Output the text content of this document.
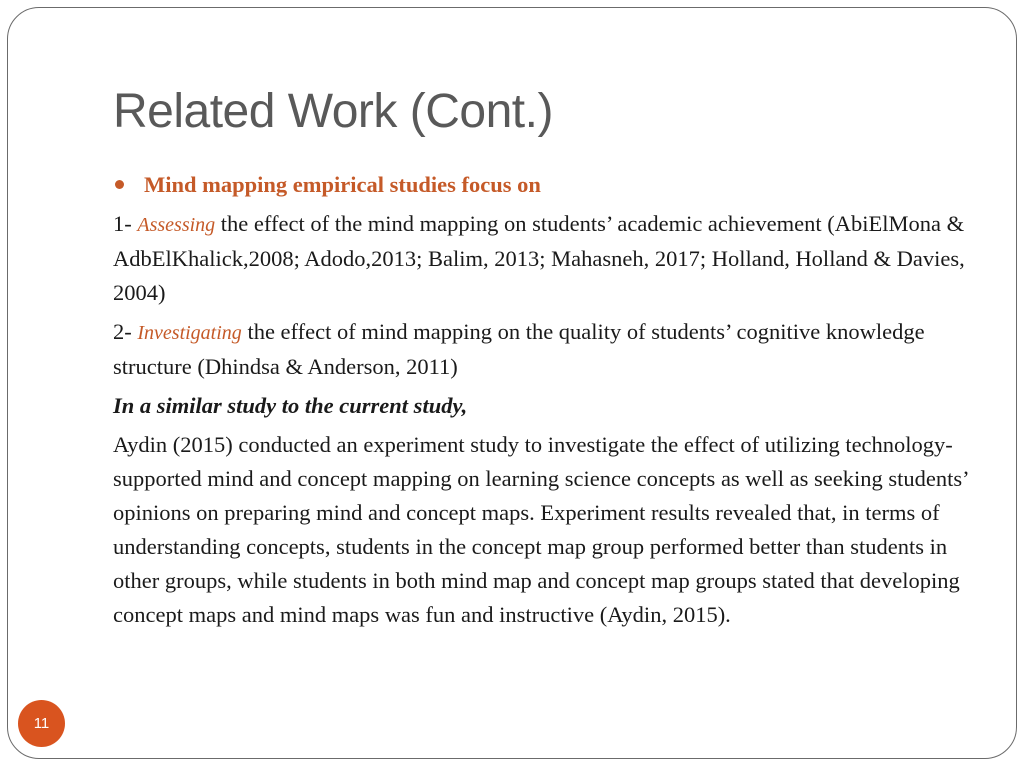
Related Work (Cont.)
Mind mapping empirical studies focus on

1- Assessing the effect of the mind mapping on students’ academic achievement (AbiElMona & AdbElKhalick,2008; Adodo,2013; Balim, 2013; Mahasneh, 2017; Holland, Holland & Davies, 2004)

2- Investigating the effect of mind mapping on the quality of students’ cognitive knowledge structure (Dhindsa & Anderson, 2011)

In a similar study to the current study,

Aydin (2015) conducted an experiment study to investigate the effect of utilizing technology-supported mind and concept mapping on learning science concepts as well as seeking students’ opinions on preparing mind and concept maps. Experiment results revealed that, in terms of understanding concepts, students in the concept map group performed better than students in other groups, while students in both mind map and concept map groups stated that developing concept maps and mind maps was fun and instructive (Aydin, 2015).

11
